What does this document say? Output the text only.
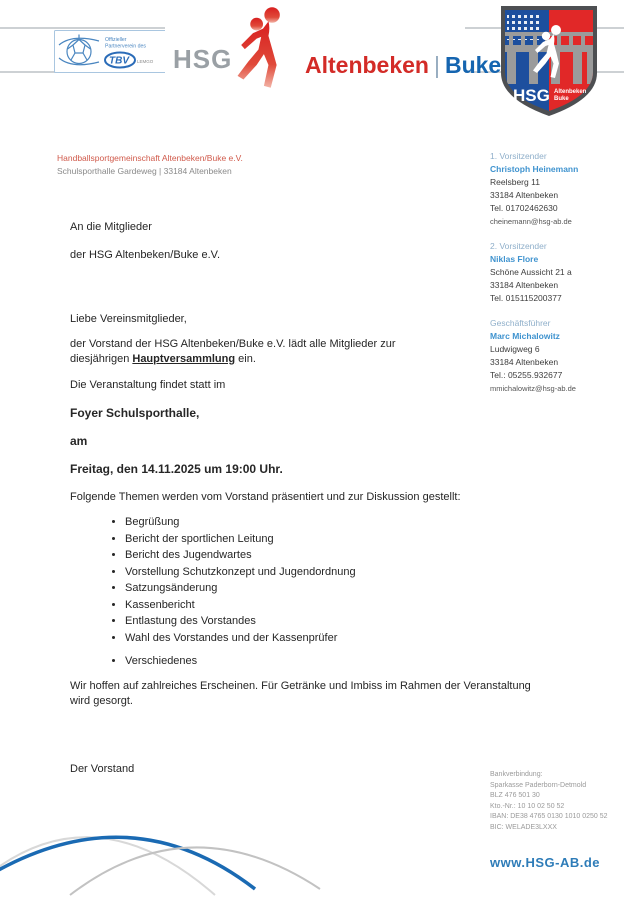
Offizieller
Partnerverein des
TBV LEMGO HSG	Altenbeken | Buke
HSG Altenbeken
Buke
Handballsportgemeinschaft Altenbeken/Buke e.V.
Schulsporthalle Gardeweg | 33184 Altenbeken
An die Mitglieder
der HSG Altenbeken/Buke e.V.
1. Vorsitzender
Christoph Heinemann
Reelsberg 11
33184 Altenbeken
Tel. 01702462630
cheinemann@hsg-ab.de
2. Vorsitzender
Niklas Flore
Schöne Aussicht 21 a
33184 Altenbeken
Tel. 015115200377
Geschäftsführer
Marc Michalowitz
Ludwigweg 6
33184 Altenbeken
Tel.: 05255.932677
mmichalowitz@hsg-ab.de

Liebe Vereinsmitglieder,

der Vorstand der HSG Altenbeken/Buke e.V. lädt alle Mitglieder zur
diesjährigen Hauptversammlung ein.

Die Veranstaltung findet statt im

Foyer Schulsporthalle,

am

Freitag, den 14.11.2025 um 19:00 Uhr.

Folgende Themen werden vom Vorstand präsentiert und zur Diskussion gestellt:

• Begrüßung
• Bericht der sportlichen Leitung
• Bericht des Jugendwartes
• Vorstellung Schutzkonzept und Jugendordnung
• Satzungsänderung
• Kassenbericht
• Entlastung des Vorstandes
• Wahl des Vorstandes und der Kassenprüfer
• Verschiedenes

Wir hoffen auf zahlreiches Erscheinen. Für Getränke und Imbiss im Rahmen der Veranstaltung
wird gesorgt.

Der Vorstand	Bankverbindung:
Sparkasse Paderborn-Detmold
BLZ 476 501 30
Kto.-Nr.: 10 10 02 50 52
IBAN: DE38 4765 0130 1010 0250 52
BIC: WELADE3LXXX
www.HSG-AB.de
